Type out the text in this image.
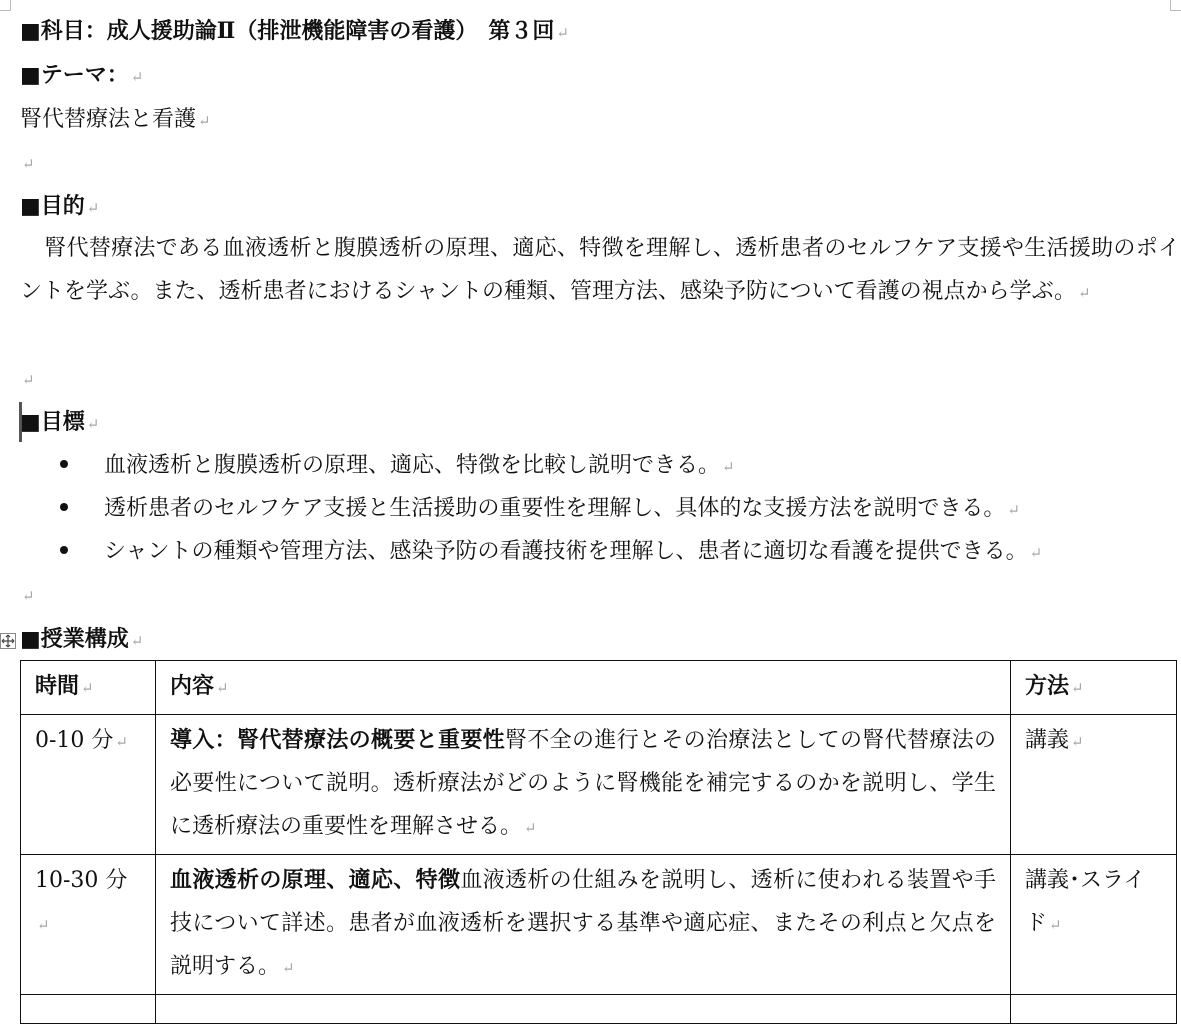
■科目：成人援助論Ⅱ（排泄機能障害の看護）　第３回 ↵
■テーマ： ↵
腎代替療法と看護 ↵
↵
■目的 ↵
腎代替療法である血液透析と腹膜透析の原理、適応、特徴を理解し、透析患者のセルフケア支援や生活援助のポイントを学ぶ。また、透析患者におけるシャントの種類、管理方法、感染予防について看護の視点から学ぶ。 ↵
↵
■目標 ↵
血液透析と腹膜透析の原理、適応、特徴を比較し説明できる。 ↵
透析患者のセルフケア支援と生活援助の重要性を理解し、具体的な支援方法を説明できる。 ↵
シャントの種類や管理方法、感染予防の看護技術を理解し、患者に適切な看護を提供できる。 ↵
↵
■授業構成 ↵
時間 ↵	内容 ↵	方法 ↵
0-10 分 ↵	導入：腎代替療法の概要と重要性腎不全の進行とその治療法としての腎代替療法の必要性について説明。透析療法がどのように腎機能を補完するのかを説明し、学生に透析療法の重要性を理解させる。 ↵	講義 ↵
10-30 分↵	血液透析の原理、適応、特徴血液透析の仕組みを説明し、透析に使われる装置や手技について詳述。患者が血液透析を選択する基準や適応症、またその利点と欠点を説明する。 ↵	講義･スライド ↵
